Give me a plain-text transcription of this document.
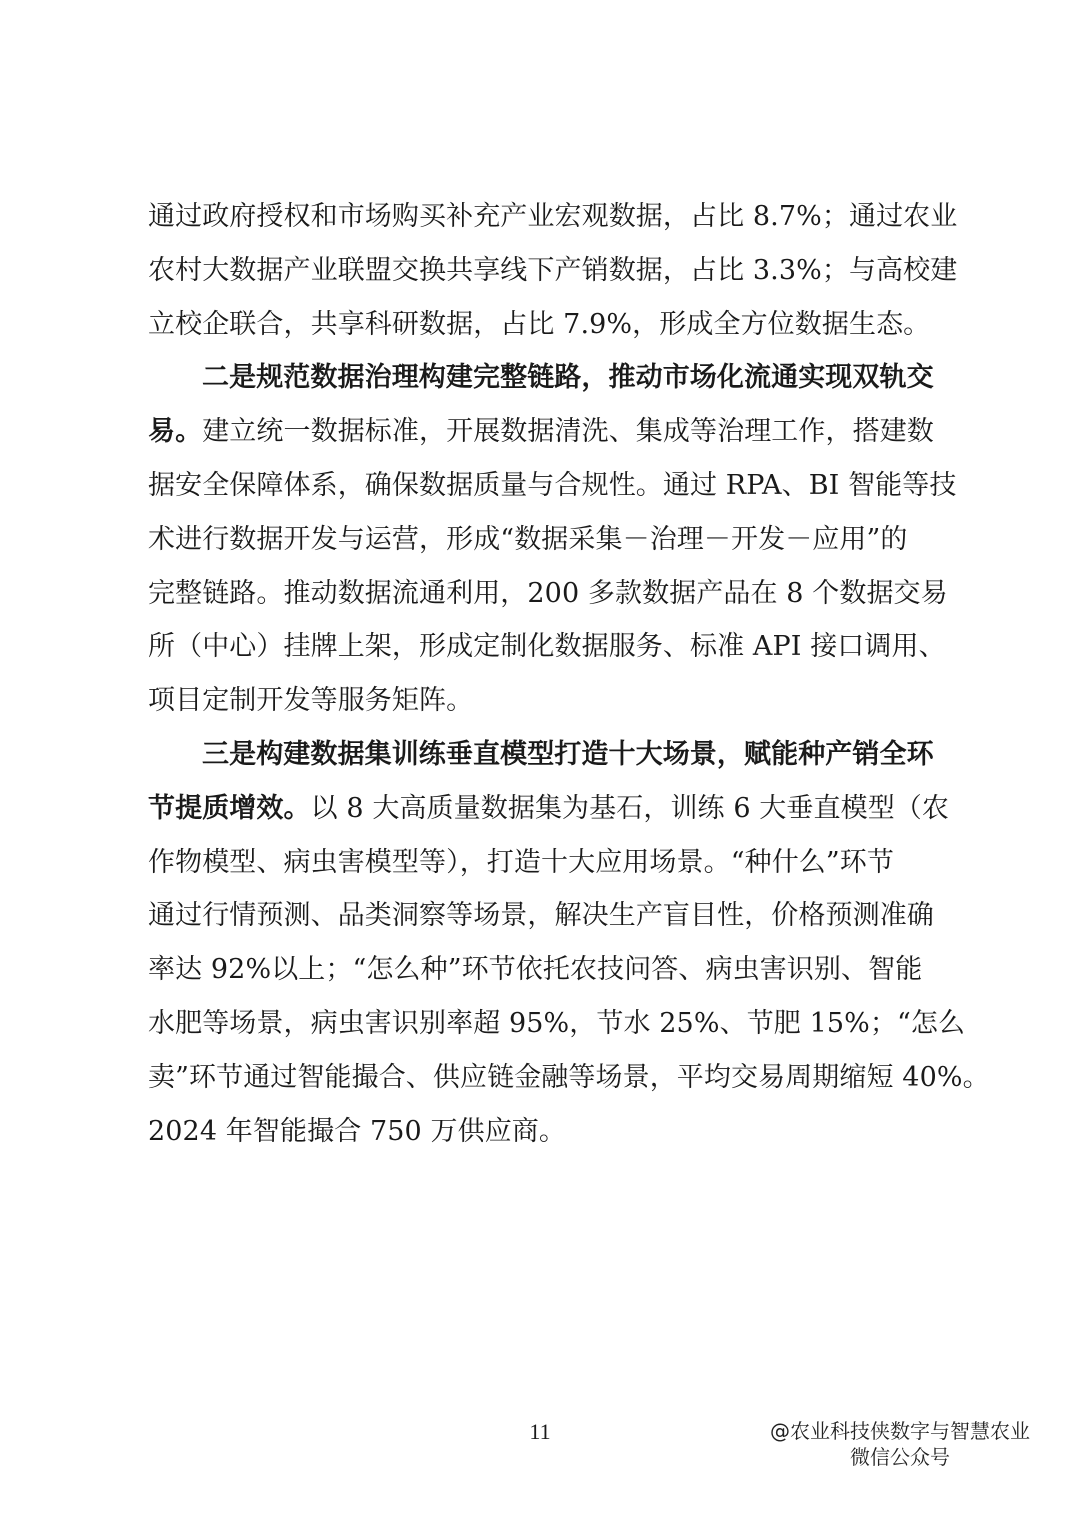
通过政府授权和市场购买补充产业宏观数据，占比 8.7%；通过农业
农村大数据产业联盟交换共享线下产销数据，占比 3.3%；与高校建
立校企联合，共享科研数据，占比 7.9%，形成全方位数据生态。
二是规范数据治理构建完整链路，推动市场化流通实现双轨交
易。建立统一数据标准，开展数据清洗、集成等治理工作，搭建数
据安全保障体系，确保数据质量与合规性。通过 RPA、BI 智能等技
术进行数据开发与运营，形成“数据采集－治理－开发－应用”的
完整链路。推动数据流通利用，200 多款数据产品在 8 个数据交易
所（中心）挂牌上架，形成定制化数据服务、标准 API 接口调用、
项目定制开发等服务矩阵。
三是构建数据集训练垂直模型打造十大场景，赋能种产销全环
节提质增效。以 8 大高质量数据集为基石，训练 6 大垂直模型（农
作物模型、病虫害模型等），打造十大应用场景。“种什么”环节
通过行情预测、品类洞察等场景，解决生产盲目性，价格预测准确
率达 92%以上；“怎么种”环节依托农技问答、病虫害识别、智能
水肥等场景，病虫害识别率超 95%，节水 25%、节肥 15%；“怎么
卖”环节通过智能撮合、供应链金融等场景，平均交易周期缩短 40%。
2024 年智能撮合 750 万供应商。
11	@农业科技侠数字与智慧农业
微信公众号
